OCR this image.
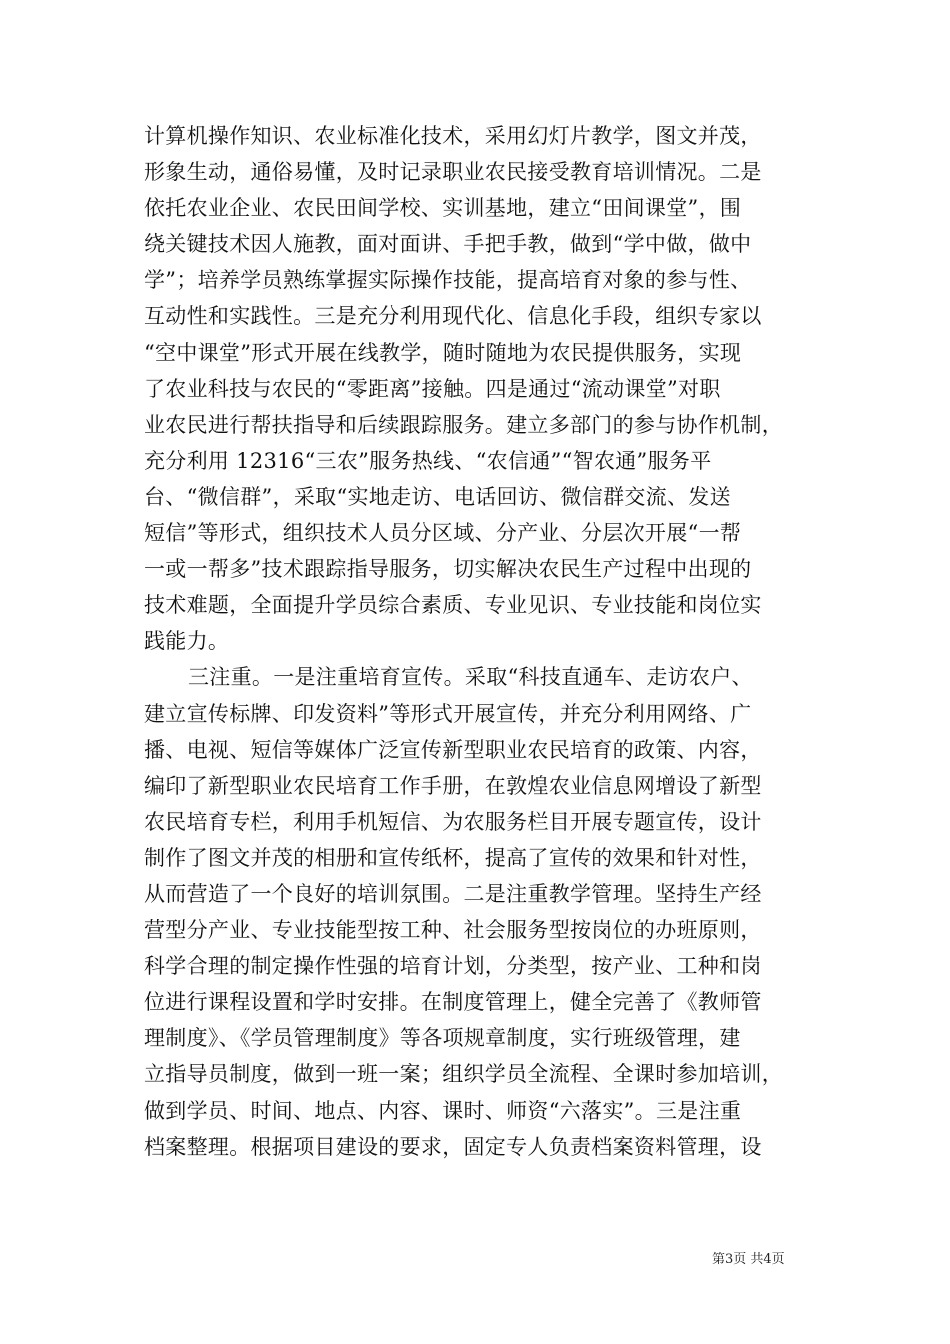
计算机操作知识、农业标准化技术，采用幻灯片教学，图文并茂，
形象生动，通俗易懂，及时记录职业农民接受教育培训情况。二是
依托农业企业、农民田间学校、实训基地，建立“田间课堂”，围
绕关键技术因人施教，面对面讲、手把手教，做到“学中做，做中
学”；培养学员熟练掌握实际操作技能，提高培育对象的参与性、
互动性和实践性。三是充分利用现代化、信息化手段，组织专家以
“空中课堂”形式开展在线教学，随时随地为农民提供服务，实现
了农业科技与农民的“零距离”接触。四是通过“流动课堂”对职
业农民进行帮扶指导和后续跟踪服务。建立多部门的参与协作机制，
充分利用 12316“三农”服务热线、“农信通”“智农通”服务平
台、“微信群”，采取“实地走访、电话回访、微信群交流、发送
短信”等形式，组织技术人员分区域、分产业、分层次开展“一帮
一或一帮多”技术跟踪指导服务，切实解决农民生产过程中出现的
技术难题，全面提升学员综合素质、专业见识、专业技能和岗位实
践能力。
三注重。一是注重培育宣传。采取“科技直通车、走访农户、
建立宣传标牌、印发资料”等形式开展宣传，并充分利用网络、广
播、电视、短信等媒体广泛宣传新型职业农民培育的政策、内容，
编印了新型职业农民培育工作手册，在敦煌农业信息网增设了新型
农民培育专栏，利用手机短信、为农服务栏目开展专题宣传，设计
制作了图文并茂的相册和宣传纸杯，提高了宣传的效果和针对性，
从而营造了一个良好的培训氛围。二是注重教学管理。坚持生产经
营型分产业、专业技能型按工种、社会服务型按岗位的办班原则，
科学合理的制定操作性强的培育计划，分类型，按产业、工种和岗
位进行课程设置和学时安排。在制度管理上，健全完善了《教师管
理制度》、《学员管理制度》等各项规章制度，实行班级管理，建
立指导员制度，做到一班一案；组织学员全流程、全课时参加培训，
做到学员、时间、地点、内容、课时、师资“六落实”。三是注重
档案整理。根据项目建设的要求，固定专人负责档案资料管理，设
第3页 共4页
